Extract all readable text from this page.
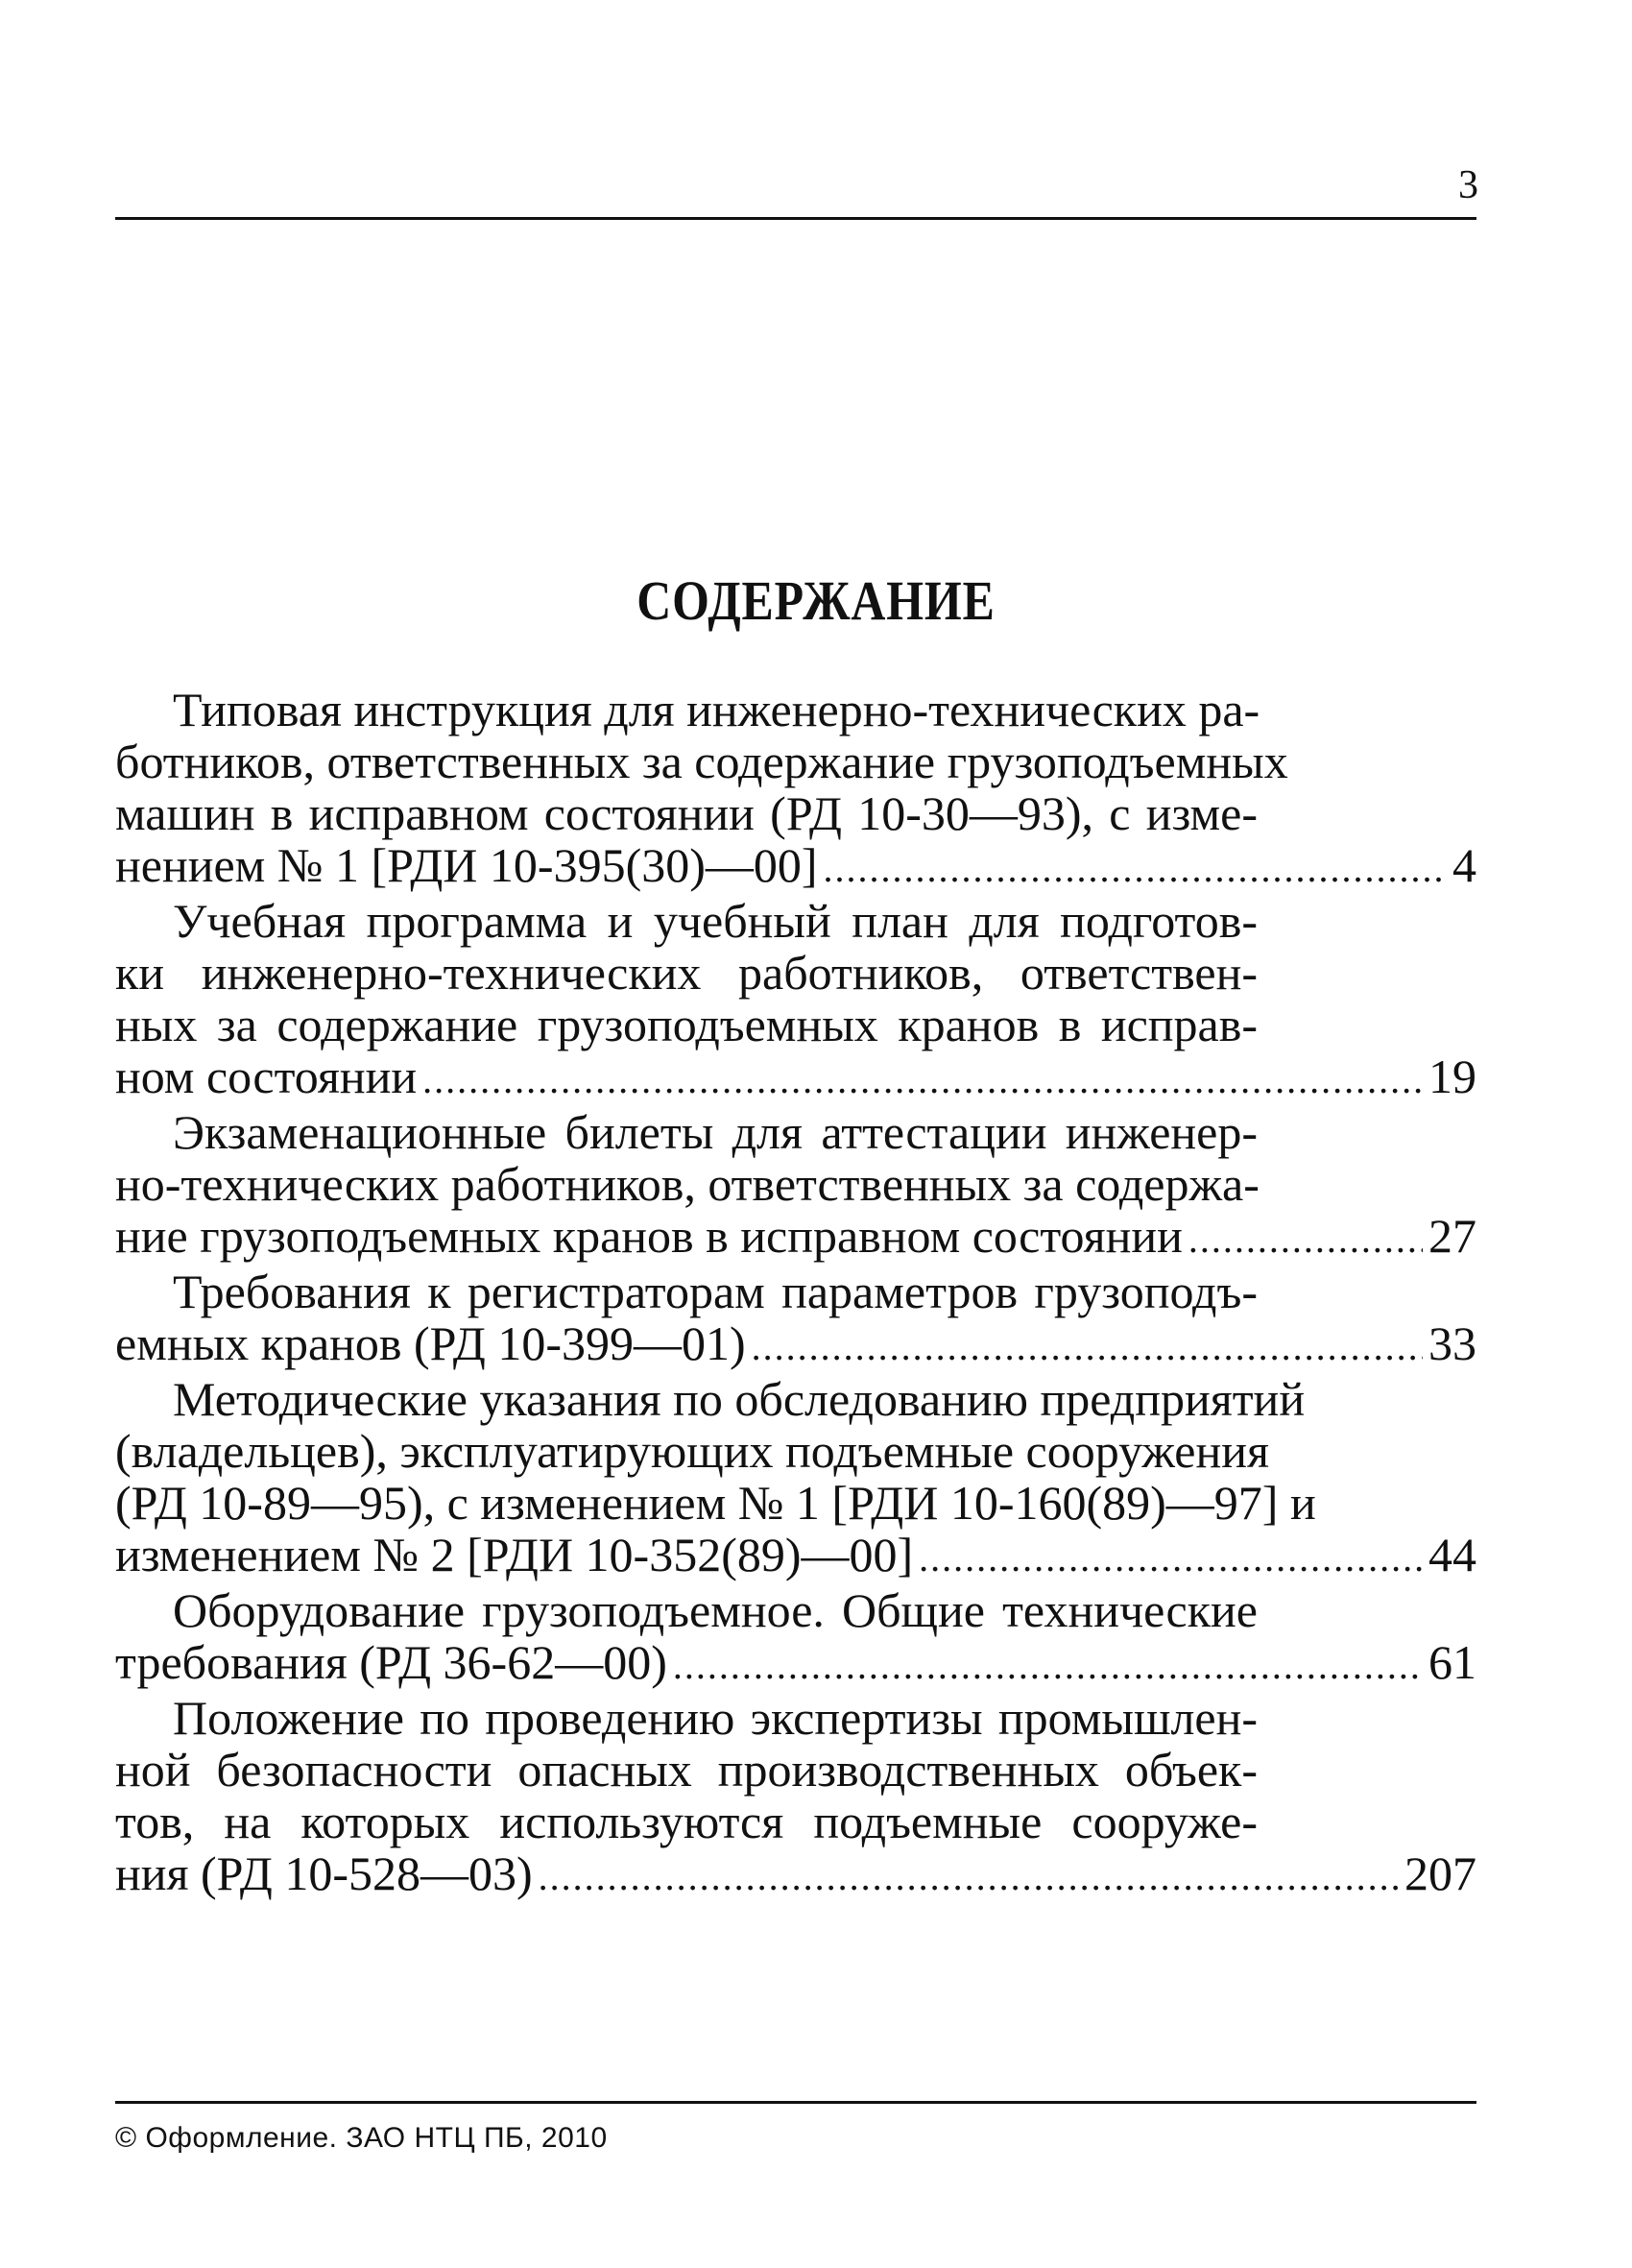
3
СОДЕРЖАНИЕ
Типовая инструкция для инженерно-технических ра-
ботников, ответственных за содержание грузоподъемных
машин в исправном состоянии (РД 10-30—93), с изме-
нением № 1 [РДИ 10-395(30)—00] .....	4
Учебная программа и учебный план для подготов-
ки инженерно-технических работников, ответствен-
ных за содержание грузоподъемных кранов в исправ-
ном состоянии .....	19
Экзаменационные билеты для аттестации инженер-
но-технических работников, ответственных за содержа-
ние грузоподъемных кранов в исправном состоянии .....	27
Требования к регистраторам параметров грузоподъ-
емных кранов (РД 10-399—01) .....	33
Методические указания по обследованию предприятий
(владельцев), эксплуатирующих подъемные сооружения
(РД 10-89—95), с изменением № 1 [РДИ 10-160(89)—97] и
изменением № 2 [РДИ 10-352(89)—00] .....	44
Оборудование грузоподъемное. Общие технические
требования (РД 36-62—00) .....	61
Положение по проведению экспертизы промышлен-
ной безопасности опасных производственных объек-
тов, на которых используются подъемные сооруже-
ния (РД 10-528—03) .....	207
© Оформление. ЗАО НТЦ ПБ, 2010
